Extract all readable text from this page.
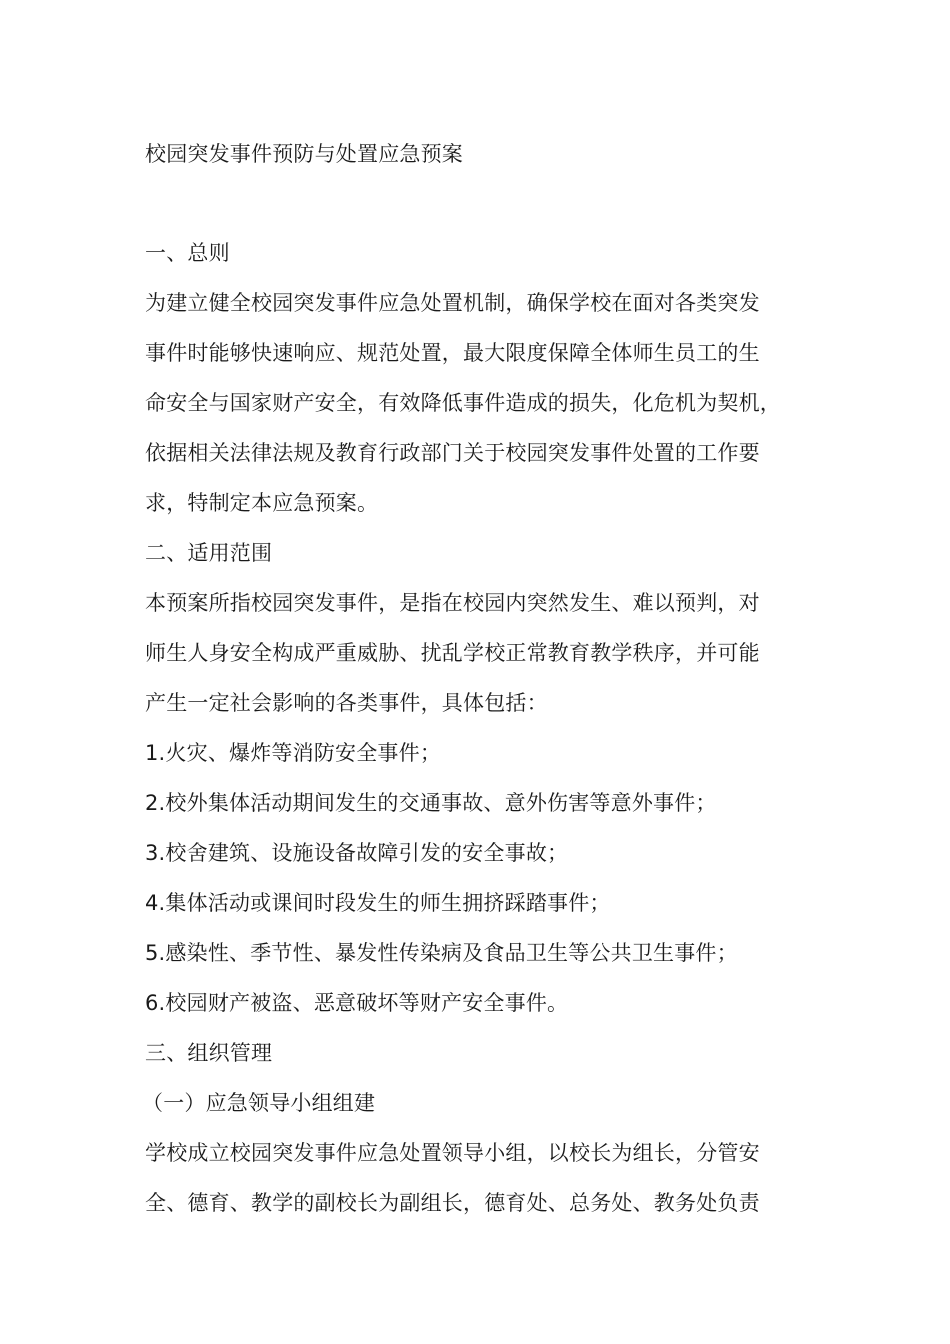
校园突发事件预防与处置应急预案
一、总则
为建立健全校园突发事件应急处置机制，确保学校在面对各类突发
事件时能够快速响应、规范处置，最大限度保障全体师生员工的生
命安全与国家财产安全，有效降低事件造成的损失，化危机为契机，
依据相关法律法规及教育行政部门关于校园突发事件处置的工作要
求，特制定本应急预案。
二、适用范围
本预案所指校园突发事件，是指在校园内突然发生、难以预判，对
师生人身安全构成严重威胁、扰乱学校正常教育教学秩序，并可能
产生一定社会影响的各类事件，具体包括：
1.火灾、爆炸等消防安全事件；
2.校外集体活动期间发生的交通事故、意外伤害等意外事件；
3.校舍建筑、设施设备故障引发的安全事故；
4.集体活动或课间时段发生的师生拥挤踩踏事件；
5.感染性、季节性、暴发性传染病及食品卫生等公共卫生事件；
6.校园财产被盗、恶意破坏等财产安全事件。
三、组织管理
（一）应急领导小组组建
学校成立校园突发事件应急处置领导小组，以校长为组长，分管安
全、德育、教学的副校长为副组长，德育处、总务处、教务处负责
